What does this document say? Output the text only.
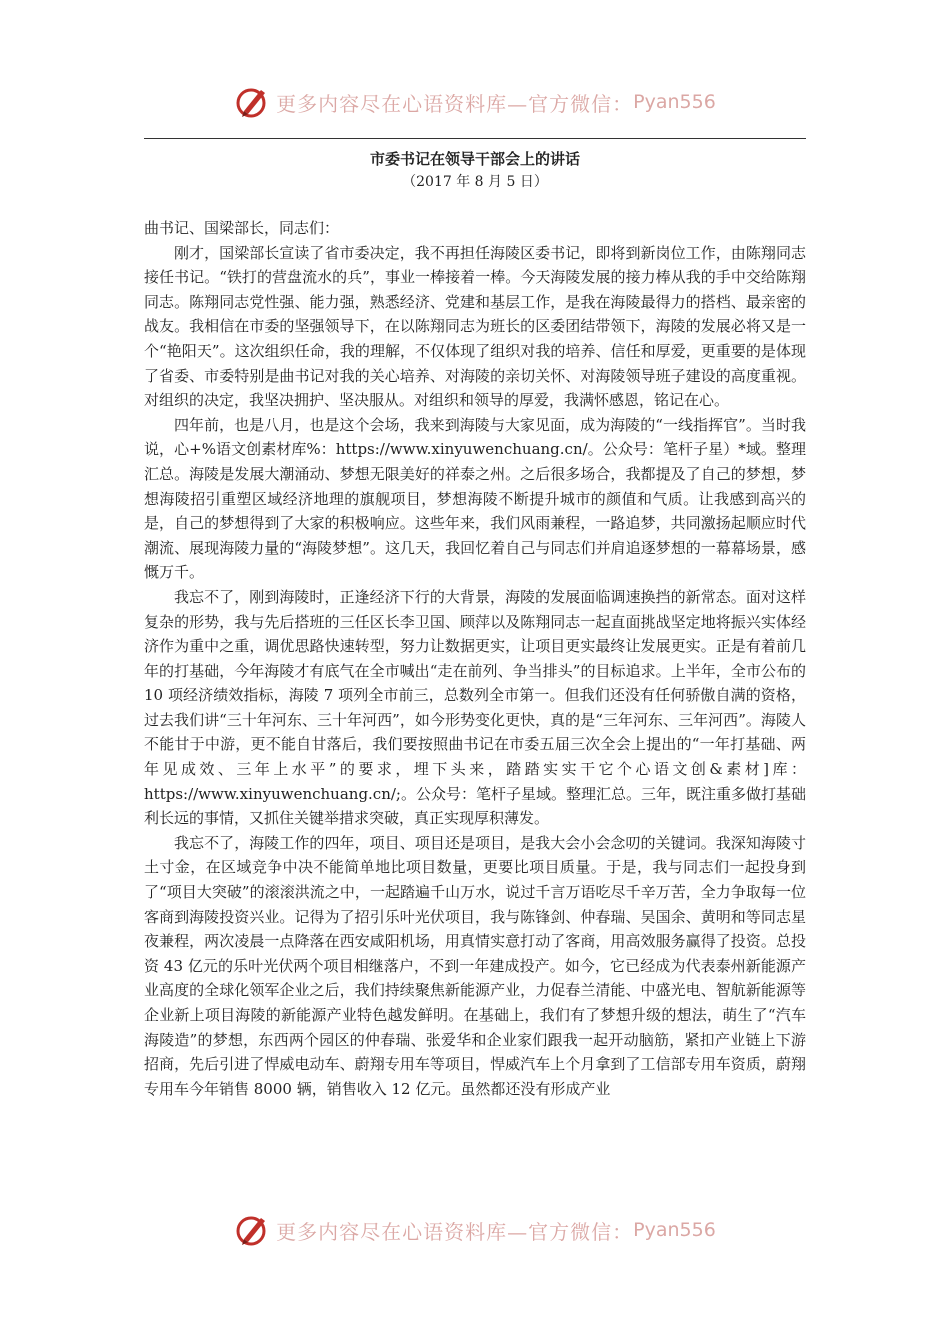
更多内容尽在心语资料库—官方微信： Pyan556

市委书记在领导干部会上的讲话

（2017 年 8 月 5 日）

曲书记、国梁部长，同志们：

刚才，国梁部长宣读了省市委决定，我不再担任海陵区委书记，即将到新岗位工作，由陈翔同志接任书记。“铁打的营盘流水的兵”，事业一棒接着一棒。今天海陵发展的接力棒从我的手中交给陈翔同志。陈翔同志党性强、能力强，熟悉经济、党建和基层工作，是我在海陵最得力的搭档、最亲密的战友。我相信在市委的坚强领导下，在以陈翔同志为班长的区委团结带领下，海陵的发展必将又是一个“艳阳天”。这次组织任命，我的理解，不仅体现了组织对我的培养、信任和厚爱，更重要的是体现了省委、市委特别是曲书记对我的关心培养、对海陵的亲切关怀、对海陵领导班子建设的高度重视。对组织的决定，我坚决拥护、坚决服从。对组织和领导的厚爱，我满怀感恩，铭记在心。

四年前，也是八月，也是这个会场，我来到海陵与大家见面，成为海陵的“一线指挥官”。当时我说，心+%语文创素材库%：https://www.xinyuwenchuang.cn/。公众号：笔杆子星）*域。整理汇总。海陵是发展大潮涌动、梦想无限美好的祥泰之州。之后很多场合，我都提及了自己的梦想，梦想海陵招引重塑区域经济地理的旗舰项目，梦想海陵不断提升城市的颜值和气质。让我感到高兴的是，自己的梦想得到了大家的积极响应。这些年来，我们风雨兼程，一路追梦，共同激扬起顺应时代潮流、展现海陵力量的“海陵梦想”。这几天，我回忆着自己与同志们并肩追逐梦想的一幕幕场景，感慨万千。

我忘不了，刚到海陵时，正逢经济下行的大背景，海陵的发展面临调速换挡的新常态。面对这样复杂的形势，我与先后搭班的三任区长李卫国、顾萍以及陈翔同志一起直面挑战坚定地将振兴实体经济作为重中之重，调优思路快速转型，努力让数据更实，让项目更实最终让发展更实。正是有着前几年的打基础，今年海陵才有底气在全市喊出“走在前列、争当排头”的目标追求。上半年，全市公布的 10 项经济绩效指标，海陵 7 项列全市前三，总数列全市第一。但我们还没有任何骄傲自满的资格，过去我们讲“三十年河东、三十年河西”，如今形势变化更快，真的是“三年河东、三年河西”。海陵人不能甘于中游，更不能自甘落后，我们要按照曲书记在市委五届三次全会上提出的“一年打基础、两年见成效、三年上水平”的要求，埋下头来，踏踏实实干它个心语文创&素材]库：https://www.xinyuwenchuang.cn/;。公众号：笔杆子星域。整理汇总。三年，既注重多做打基础利长远的事情，又抓住关键举措求突破，真正实现厚积薄发。

我忘不了，海陵工作的四年，项目、项目还是项目，是我大会小会念叨的关键词。我深知海陵寸土寸金，在区域竞争中决不能简单地比项目数量，更要比项目质量。于是，我与同志们一起投身到了“项目大突破”的滚滚洪流之中，一起踏遍千山万水，说过千言万语吃尽千辛万苦，全力争取每一位客商到海陵投资兴业。记得为了招引乐叶光伏项目，我与陈锋剑、仲春瑞、吴国余、黄明和等同志星夜兼程，两次凌晨一点降落在西安咸阳机场，用真情实意打动了客商，用高效服务赢得了投资。总投资 43 亿元的乐叶光伏两个项目相继落户，不到一年建成投产。如今，它已经成为代表泰州新能源产业高度的全球化领军企业之后，我们持续聚焦新能源产业，力促春兰清能、中盛光电、智航新能源等企业新上项目海陵的新能源产业特色越发鲜明。在基础上，我们有了梦想升级的想法，萌生了“汽车海陵造”的梦想，东西两个园区的仲春瑞、张爱华和企业家们跟我一起开动脑筋，紧扣产业链上下游招商，先后引进了悍威电动车、蔚翔专用车等项目，悍威汽车上个月拿到了工信部专用车资质，蔚翔专用车今年销售 8000 辆，销售收入 12 亿元。虽然都还没有形成产业

更多内容尽在心语资料库—官方微信： Pyan556
